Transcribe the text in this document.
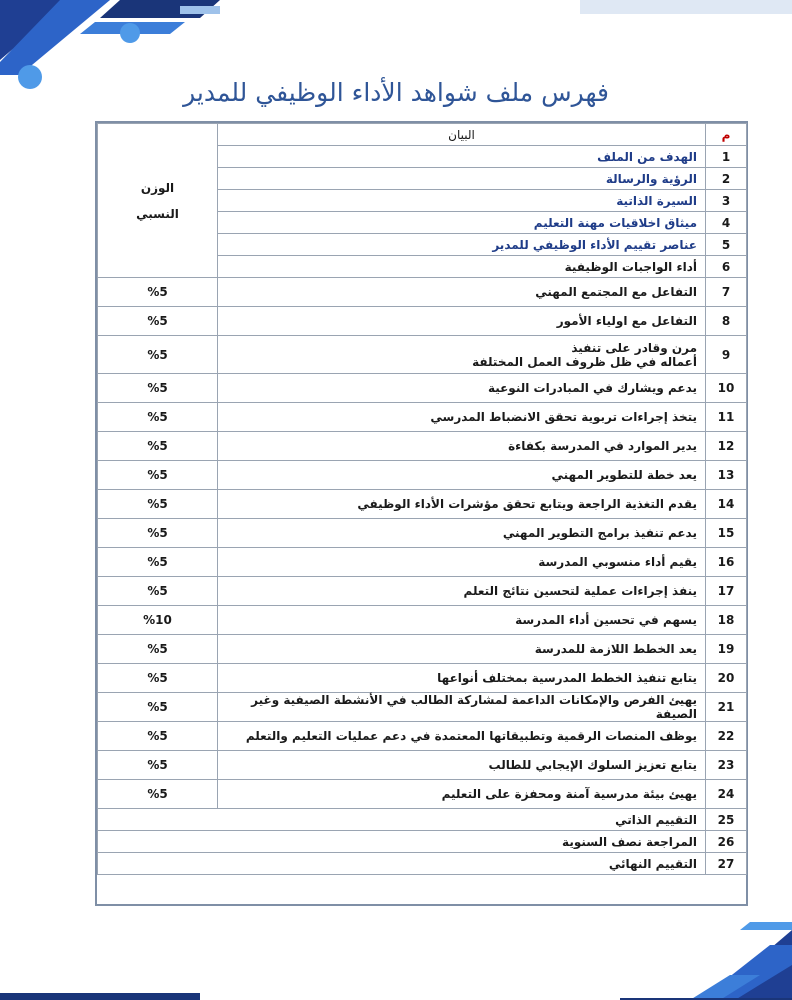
فهرس ملف شواهد الأداء الوظيفي للمدير
م	البيان	الوزن
النسبي
1	الهدف من الملف	
2	الرؤية والرسالة	
3	السيرة الذاتية	
4	ميثاق اخلاقيات مهنة التعليم	
5	عناصر تقييم الأداء الوظيفي للمدير	
6	أداء الواجبات الوظيفية	
7	التفاعل مع المجتمع المهني	%5
8	التفاعل مع اولياء الأمور	%5
9	مرن وقادر على تنفيذ
أعماله في ظل ظروف العمل المختلفة	%5
10	يدعم ويشارك في المبادرات النوعية	%5
11	يتخذ إجراءات تربوية تحقق الانضباط المدرسي	%5
12	يدير الموارد في المدرسة بكفاءة	%5
13	يعد خطة للتطوير المهني	%5
14	يقدم التغذية الراجعة ويتابع تحقق مؤشرات الأداء الوظيفي	%5
15	يدعم تنفيذ برامج التطوير المهني	%5
16	يقيم أداء منسوبي المدرسة	%5
17	ينفذ إجراءات عملية لتحسين نتائج التعلم	%5
18	يسهم في تحسين أداء المدرسة	%10
19	يعد الخطط اللازمة للمدرسة	%5
20	يتابع تنفيذ الخطط المدرسية بمختلف أنواعها	%5
21	يهيئ الفرص والإمكانات الداعمة لمشاركة الطالب في الأنشطة الصيفية وغير الصيفة	%5
22	يوظف المنصات الرقمية وتطبيقاتها المعتمدة في دعم عمليات التعليم والتعلم	%5
23	يتابع تعزيز السلوك الإيجابي للطالب	%5
24	يهيئ بيئة مدرسية آمنة ومحفزة على التعليم	%5
25	التقييم الذاتي	
26	المراجعة نصف السنوية	
27	التقييم النهائي	
